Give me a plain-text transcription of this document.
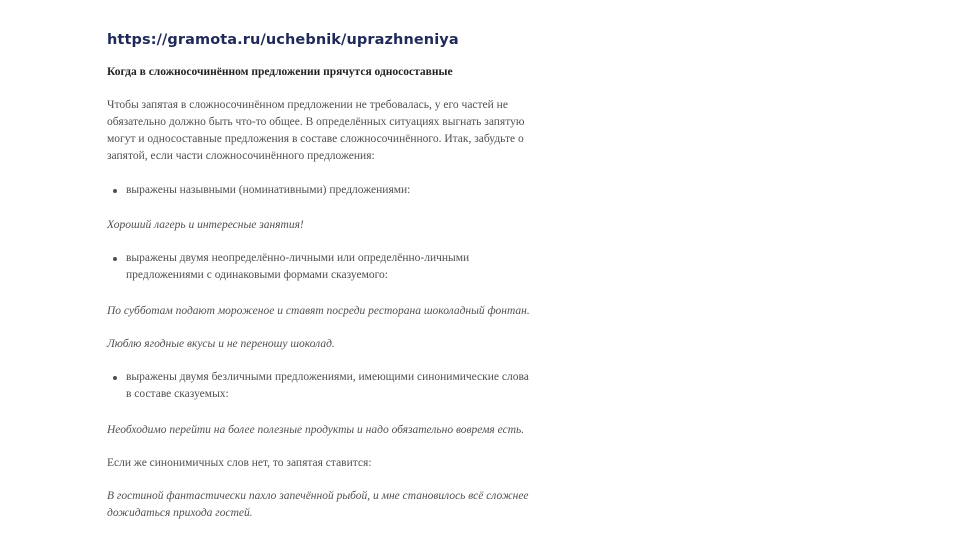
https://gramota.ru/uchebnik/uprazhneniya
Когда в сложносочинённом предложении прячутся односоставные
Чтобы запятая в сложносочинённом предложении не требовалась, у его частей не
обязательно должно быть что-то общее. В определённых ситуациях выгнать запятую
могут и односоставные предложения в составе сложносочинённого. Итак, забудьте о
запятой, если части сложносочинённого предложения:
выражены назывными (номинативными) предложениями:
Хороший лагерь и интересные занятия!
выражены двумя неопределённо-личными или определённо-личными
предложениями с одинаковыми формами сказуемого:
По субботам подают мороженое и ставят посреди ресторана шоколадный фонтан.
Люблю ягодные вкусы и не переношу шоколад.
выражены двумя безличными предложениями, имеющими синонимические слова
в составе сказуемых:
Необходимо перейти на более полезные продукты и надо обязательно вовремя есть.
Если же синонимичных слов нет, то запятая ставится:
В гостиной фантастически пахло запечённой рыбой, и мне становилось всё сложнее
дожидаться прихода гостей.
